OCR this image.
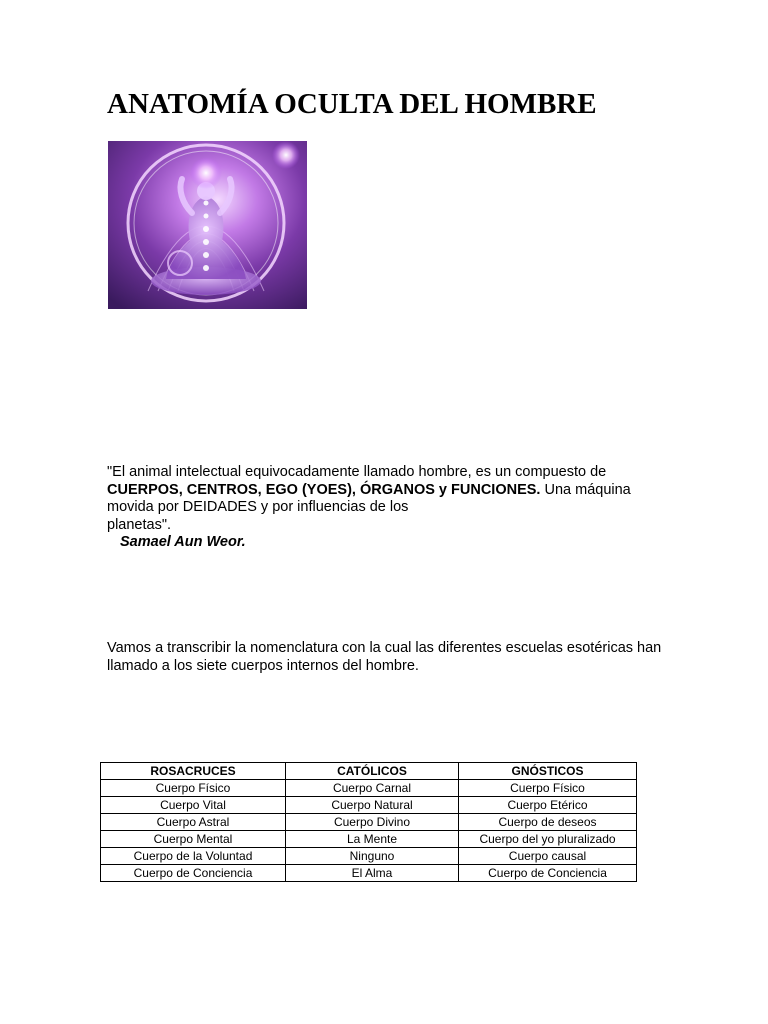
ANATOMÍA OCULTA DEL HOMBRE

"El animal intelectual equivocadamente llamado hombre, es un compuesto de

CUERPOS, CENTROS, EGO (YOES), ÓRGANOS y FUNCIONES. Una máquina movida por DEIDADES y por influencias de los

planetas".

Samael Aun Weor.

Vamos a transcribir la nomenclatura con la cual las diferentes escuelas esotéricas han llamado a los siete cuerpos internos del hombre.

ROSACRUCES	CATÓLICOS	GNÓSTICOS
Cuerpo Físico	Cuerpo Carnal	Cuerpo Físico
Cuerpo Vital	Cuerpo Natural	Cuerpo Etérico
Cuerpo Astral	Cuerpo Divino	Cuerpo de deseos
Cuerpo Mental	La Mente	Cuerpo del yo pluralizado
Cuerpo de la Voluntad	Ninguno	Cuerpo causal
Cuerpo de Conciencia	El Alma	Cuerpo de Conciencia
